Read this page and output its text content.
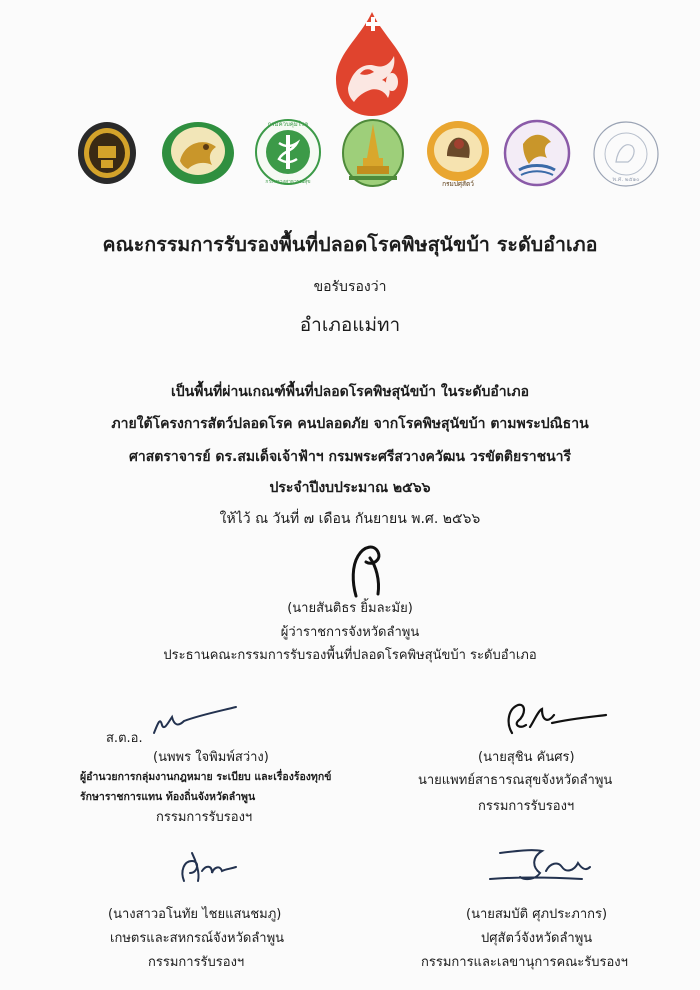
กรมควบคุมโรค
กระทรวงสาธารณสุข	กรมปศุสัตว์	พ.ศ. ๒๕๑๐
คณะกรรมการรับรองพื้นที่ปลอดโรคพิษสุนัขบ้า ระดับอำเภอ
ขอรับรองว่า
อำเภอแม่ทา
เป็นพื้นที่ผ่านเกณฑ์พื้นที่ปลอดโรคพิษสุนัขบ้า ในระดับอำเภอ
ภายใต้โครงการสัตว์ปลอดโรค คนปลอดภัย จากโรคพิษสุนัขบ้า ตามพระปณิธาน
ศาสตราจารย์ ดร.สมเด็จเจ้าฟ้าฯ กรมพระศรีสวางควัฒน วรขัตติยราชนารี
ประจำปีงบประมาณ ๒๕๖๖
ให้ไว้ ณ วันที่ ๗ เดือน กันยายน พ.ศ. ๒๕๖๖
(นายสันติธร ยิ้มละมัย)
ผู้ว่าราชการจังหวัดลำพูน
ประธานคณะกรรมการรับรองพื้นที่ปลอดโรคพิษสุนัขบ้า ระดับอำเภอ
ส.ต.อ.
(นพพร ใจพิมพ์สว่าง)
ผู้อำนวยการกลุ่มงานกฎหมาย ระเบียบ และเรื่องร้องทุกข์
รักษาราชการแทน ท้องถิ่นจังหวัดลำพูน
กรรมการรับรองฯ
(นายสุชิน คันศร)
นายแพทย์สาธารณสุขจังหวัดลำพูน
กรรมการรับรองฯ
(นางสาวอโนทัย ไชยแสนชมภู)
เกษตรและสหกรณ์จังหวัดลำพูน
กรรมการรับรองฯ
(นายสมบัติ ศุภประภากร)
ปศุสัตว์จังหวัดลำพูน
กรรมการและเลขานุการคณะรับรองฯ
